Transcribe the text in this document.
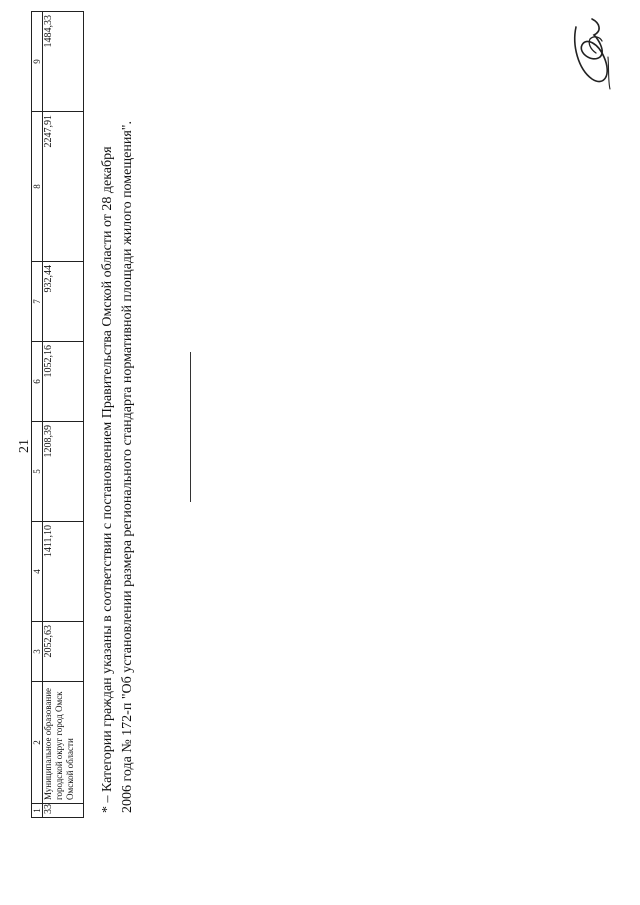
21
1	2	3	4	5	6	7	8	9
33	Муниципальное образование городской округ город Омск Омской области	2052,63	1411,10	1208,39	1052,16	932,44	2247,91	1484,33
* – Категории граждан указаны в соответствии с постановлением Правительства Омской области от 28 декабря 2006 года № 172-п "Об установлении размера регионального стандарта нормативной площади жилого помещения".
